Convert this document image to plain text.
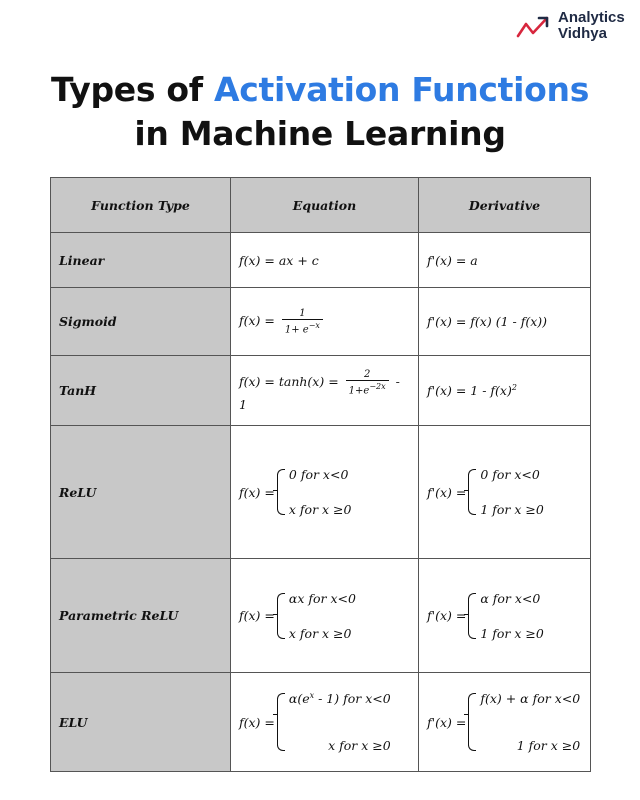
Analytics
Vidhya
Types of Activation Functions
in Machine Learning
Function Type	Equation	Derivative
Linear	f(x) = ax + c	f'(x) = a
Sigmoid	$f(x) = \frac{1}{1+ e^{-x}}$	f'(x) = f(x) (1 - f(x))
TanH	$f(x) = \tanh(x) = \frac{2}{1+e^{-2x}} - 1$	$f'(x) = 1 - f(x)^2$
ReLU	f(x) =
0 for x<0
x for x ≥0	f'(x) =
0 for x<0
1 for x ≥0

Parametric ReLU	f(x) =
αx for x<0
x for x ≥0	f'(x) =
α for x<0
1 for x ≥0

ELU	f(x) =
$\alpha(e^x - 1)$ for x<0
x for x ≥0	f'(x) =
f(x) + α for x<0
1 for x ≥0
